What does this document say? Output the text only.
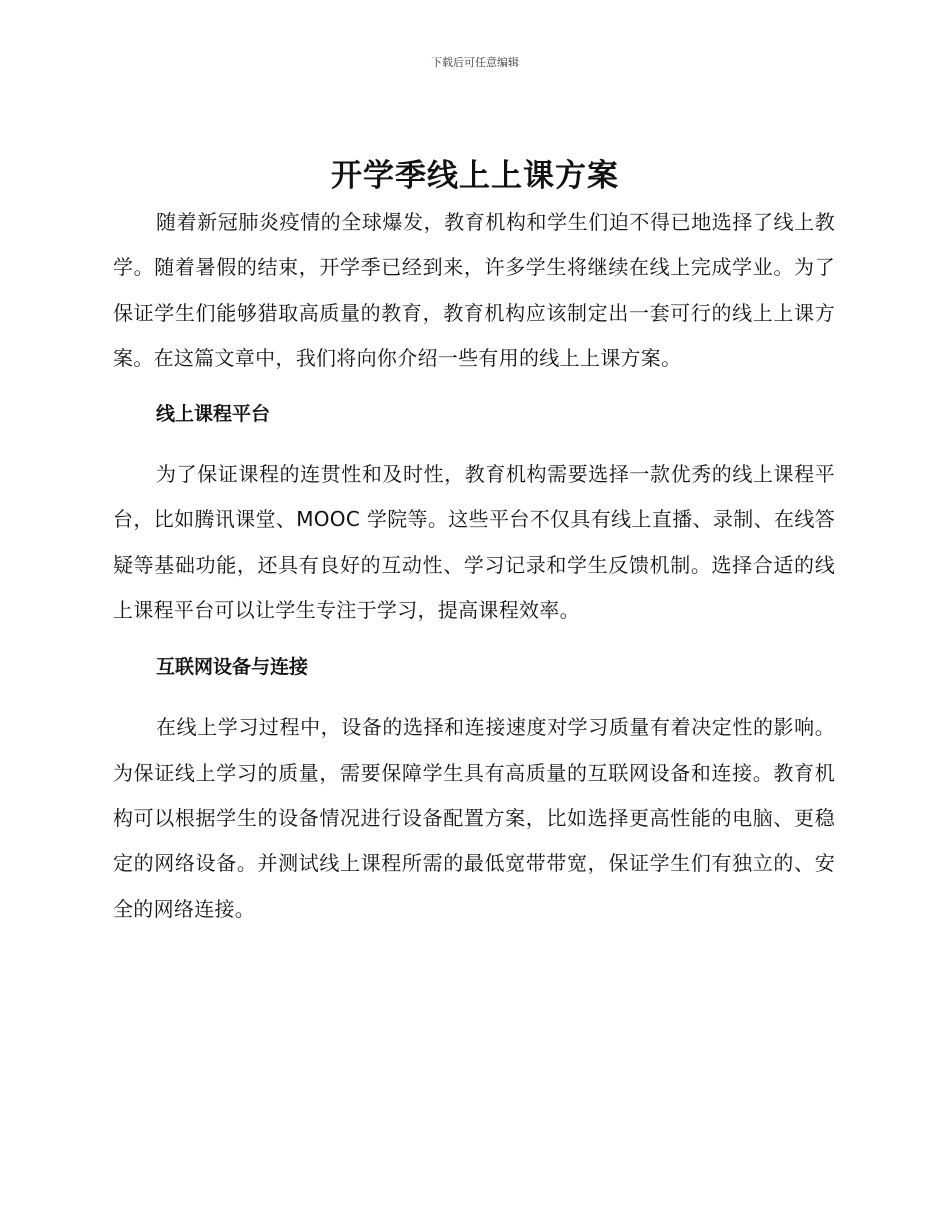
下载后可任意编辑
开学季线上上课方案

随着新冠肺炎疫情的全球爆发，教育机构和学生们迫不得已地选择了线上教学。随着暑假的结束，开学季已经到来，许多学生将继续在线上完成学业。为了保证学生们能够猎取高质量的教育，教育机构应该制定出一套可行的线上上课方案。在这篇文章中，我们将向你介绍一些有用的线上上课方案。

线上课程平台

为了保证课程的连贯性和及时性，教育机构需要选择一款优秀的线上课程平台，比如腾讯课堂、MOOC 学院等。这些平台不仅具有线上直播、录制、在线答疑等基础功能，还具有良好的互动性、学习记录和学生反馈机制。选择合适的线上课程平台可以让学生专注于学习，提高课程效率。

互联网设备与连接

在线上学习过程中，设备的选择和连接速度对学习质量有着决定性的影响。为保证线上学习的质量，需要保障学生具有高质量的互联网设备和连接。教育机构可以根据学生的设备情况进行设备配置方案，比如选择更高性能的电脑、更稳定的网络设备。并测试线上课程所需的最低宽带带宽，保证学生们有独立的、安全的网络连接。
